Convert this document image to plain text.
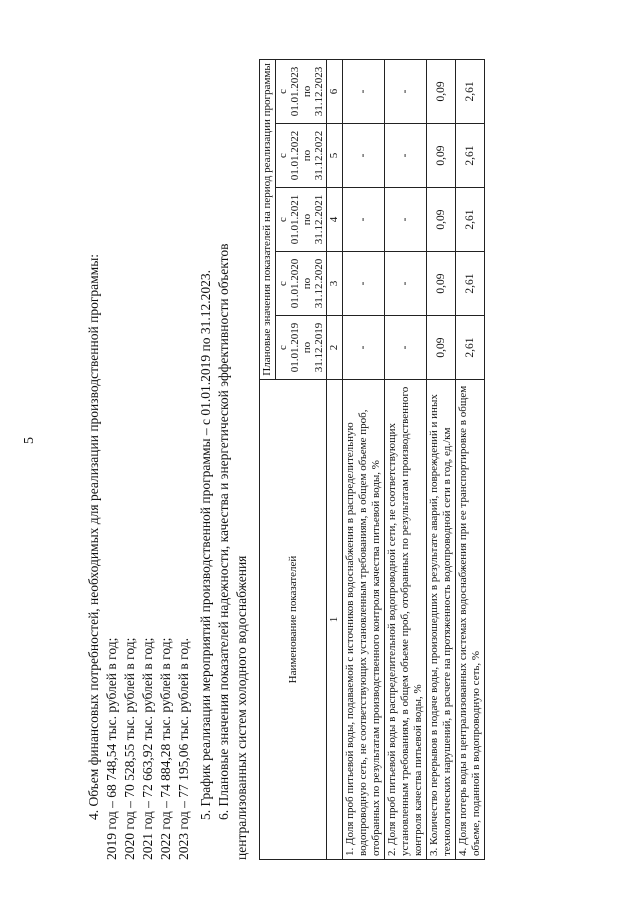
5	4. Объем финансовых потребностей, необходимых для реализации производственной программы: 2019 год – 68 748,54 тыс. рублей в год; 2020 год – 70 528,55 тыс. рублей в год; 2021 год – 72 663,92 тыс. рублей в год; 2022 год – 74 884,28 тыс. рублей в год; 2023 год – 77 195,06 тыс. рублей в год. 5. График реализации мероприятий производственной программы – с 01.01.2019 по 31.12.2023. 6. Плановые значения показателей надежности, качества и энергетической эффективности объектов централизованных систем холодного водоснабжения	Наименование показателей	Плановые значения показателей на период реализации программы				
	с 01.01.2019 по 31.12.2019	с 01.01.2020 по 31.12.2020	с 01.01.2021 по 31.12.2021	с 01.01.2022 по 31.12.2022	с 01.01.2023 по 31.12.2023
1	2	3	4	5	6
1. Доля проб питьевой воды, подаваемой с источников водоснабжения в распределительную водопроводную сеть, не соответствующих установленным требованиям, в общем объеме проб, отобранных по результатам производственного контроля качества питьевой воды, %	-	-	-	-	-
2. Доля проб питьевой воды в распределительной водопроводной сети, не соответствующих установленным требованиям, в общем объеме проб, отобранных по результатам производственного контроля качества питьевой воды, %	-	-	-	-	-
3. Количество перерывов в подаче воды, произошедших в результате аварий, повреждений и иных технологических нарушений, в расчете на протяженность водопроводной сети в год, ед./км	0,09	0,09	0,09	0,09	0,09
4. Доля потерь воды в централизованных системах водоснабжения при ее транспортировке в общем объеме, поданной в водопроводную сеть, %	2,61	2,61	2,61	2,61	2,61
